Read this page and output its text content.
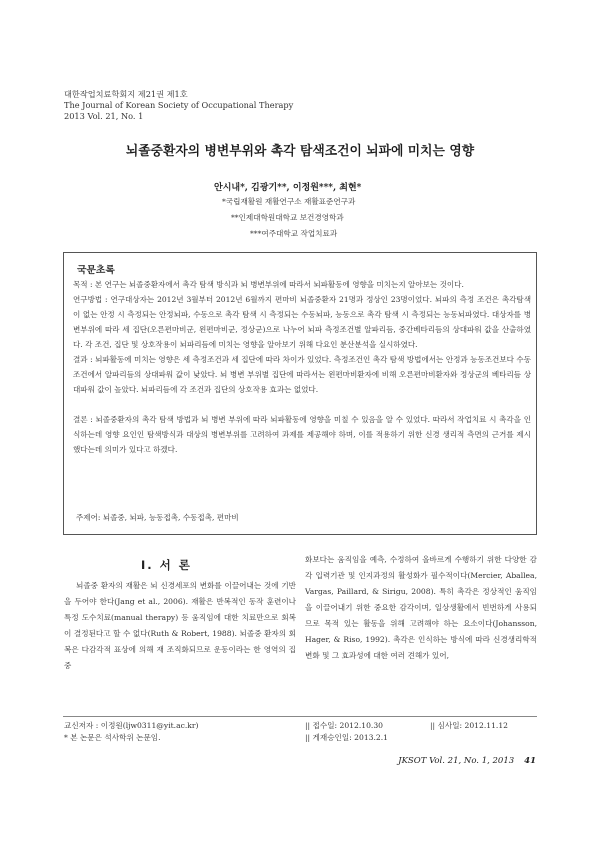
대한작업치료학회지 제21권 제1호
The Journal of Korean Society of Occupational Therapy
2013 Vol. 21, No. 1
뇌졸중환자의 병변부위와 촉각 탐색조건이 뇌파에 미치는 영향
안시내*, 김광기**, 이정원***, 최현*
*국립재활원 재활연구소 재활표준연구과
**인제대학원대학교 보건경영학과
***여주대학교 작업치료과
국문초록
목적 : 본 연구는 뇌졸중환자에서 촉각 탐색 방식과 뇌 병변부위에 따라서 뇌파활동에 영향을 미치는지 알아보는 것이다.
연구방법 : 연구대상자는 2012년 3월부터 2012년 6월까지 편마비 뇌졸중환자 21명과 정상인 23명이었다. 뇌파의 측정 조건은 촉각탐색이 없는 안정 시 측정되는 안정뇌파, 수동으로 촉각 탐색 시 측정되는 수동뇌파, 능동으로 촉각 탐색 시 측정되는 능동뇌파였다. 대상자를 병변부위에 따라 세 집단(오른편마비군, 왼편마비군, 정상군)으로 나누어 뇌파 측정조건별 알파리듬, 중간베타리듬의 상대파워 값을 산출하였다. 각 조건, 집단 및 상호작용이 뇌파리듬에 미치는 영향을 알아보기 위해 다요인 분산분석을 실시하였다.
결과 : 뇌파활동에 미치는 영향은 세 측정조건과 세 집단에 따라 차이가 있었다. 측정조건인 촉각 탐색 방법에서는 안정과 능동조건보다 수동조건에서 알파리듬의 상대파워 값이 낮았다. 뇌 병변 부위별 집단에 따라서는 왼편마비환자에 비해 오른편마비환자와 정상군의 베타리듬 상대파워 값이 높았다. 뇌파리듬에 각 조건과 집단의 상호작용 효과는 없었다.
결론 : 뇌졸중환자의 촉각 탐색 방법과 뇌 병변 부위에 따라 뇌파활동에 영향을 미칠 수 있음을 알 수 있었다. 따라서 작업치료 시 촉각을 인식하는데 영향 요인인 탐색방식과 대상의 병변부위를 고려하여 과제를 제공해야 하며, 이를 적용하기 위한 신경 생리적 측면의 근거를 제시했다는데 의미가 있다고 하겠다.
주제어: 뇌졸중, 뇌파, 능동접촉, 수동접촉, 편마비
Ⅰ. 서 론

뇌졸중 환자의 재활은 뇌 신경세포의 변화를 이끌어내는 것에 기반을 두어야 한다(Jang et al., 2006). 재활은 반복적인 동작 훈련이나 특정 도수치료(manual therapy) 등 움직임에 대한 치료만으로 회복이 결정된다고 할 수 없다(Ruth & Robert, 1988). 뇌졸중 환자의 회복은 다감각적 표상에 의해 재 조직화되므로 운동이라는 한 영역의 집중

화보다는 움직임을 예측, 수정하여 올바르게 수행하기 위한 다양한 감각 입력기관 및 인지과정의 활성화가 필수적이다(Mercier, Aballea, Vargas, Paillard, & Sirigu, 2008). 특히 촉각은 정상적인 움직임을 이끌어내기 위한 중요한 감각이며, 일상생활에서 빈번하게 사용되므로 목적 있는 활동을 위해 고려해야 하는 요소이다(Johansson, Hager, & Riso, 1992). 촉각은 인식하는 방식에 따라 신경생리학적 변화 및 그 효과성에 대한 여러 견해가 있어,

교신저자 : 이정원(ljw0311@yit.ac.kr)
* 본 논문은 석사학위 논문임.
|| 접수일: 2012.10.30	|| 심사일: 2012.11.12
|| 게재승인일: 2013.2.1
JKSOT Vol. 21, No. 1, 2013 41
